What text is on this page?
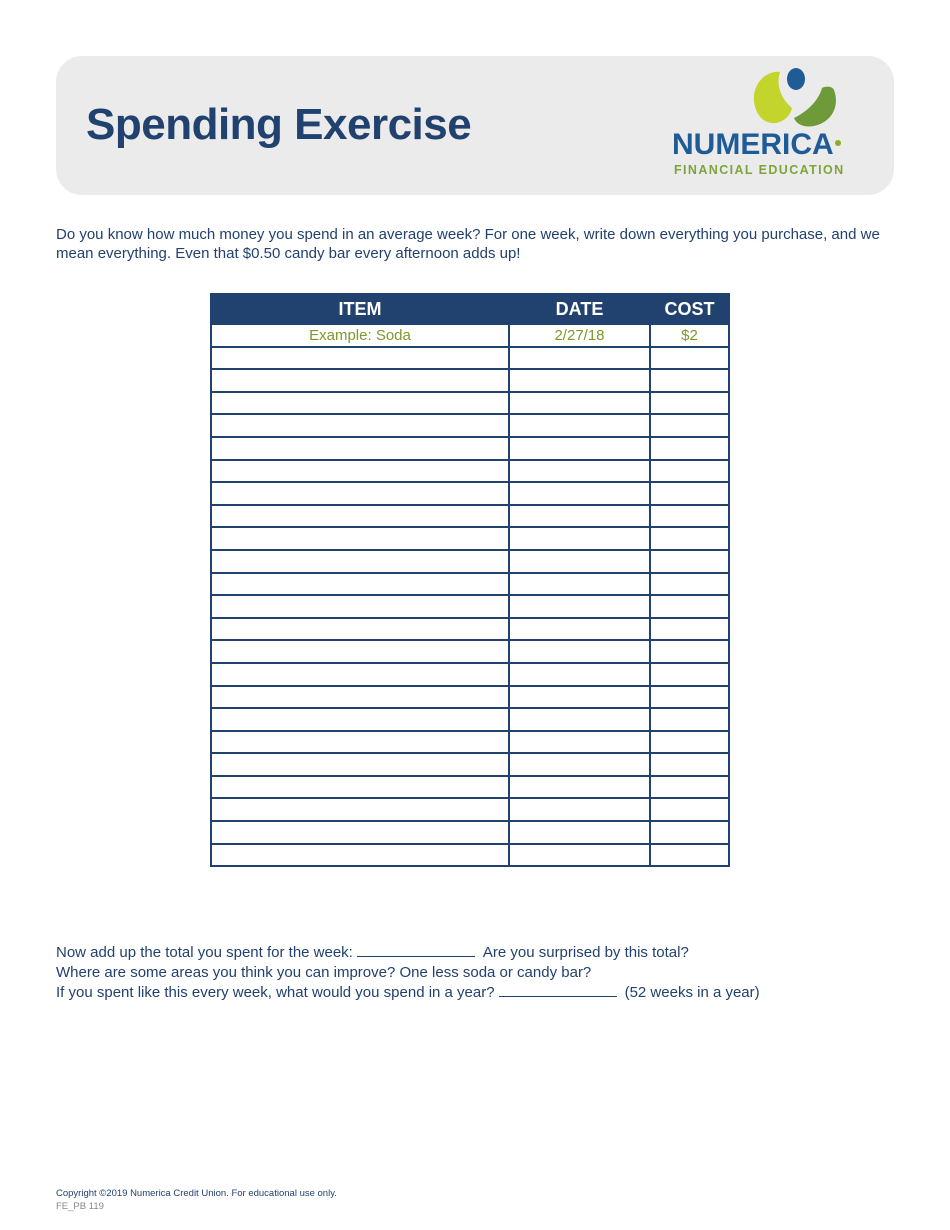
Spending Exercise	NUMERICA
FINANCIAL EDUCATION

Do you know how much money you spend in an average week? For one week, write down everything you purchase, and we mean everything. Even that $0.50 candy bar every afternoon adds up!

ITEM	DATE	COST
Example: Soda	2/27/18	$2

Now add up the total you spent for the week:	Are you surprised by this total?
Where are some areas you think you can improve? One less soda or candy bar?
If you spent like this every week, what would you spend in a year?	(52 weeks in a year)
Copyright ©2019 Numerica Credit Union. For educational use only.
FE_PB 119
